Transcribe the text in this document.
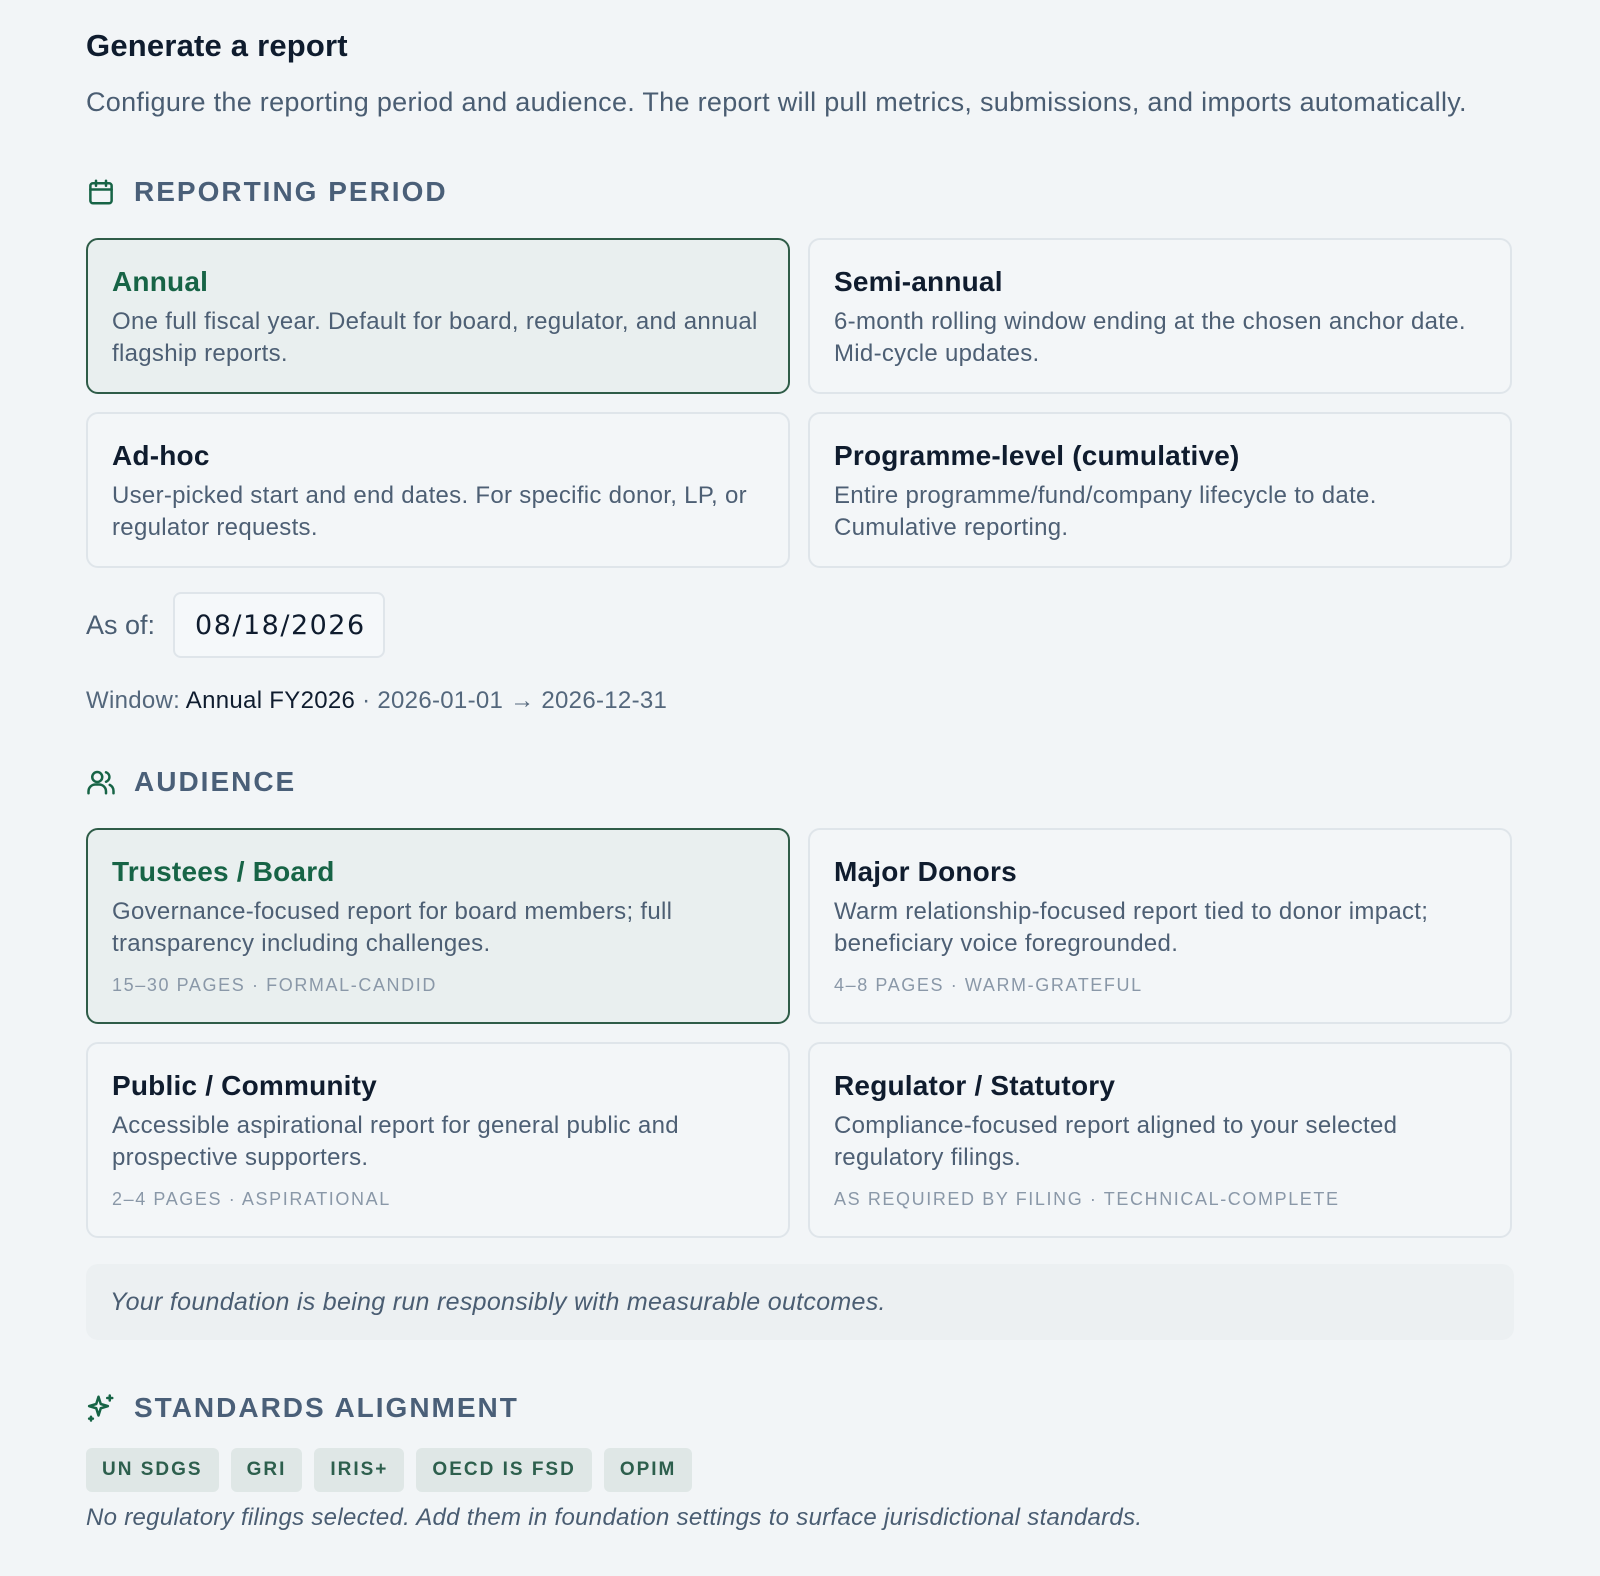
Generate a report

Configure the reporting period and audience. The report will pull metrics, submissions, and imports automatically.

REPORTING PERIOD
Annual
One full fiscal year. Default for board, regulator, and annual flagship reports.
Semi-annual
6-month rolling window ending at the chosen anchor date. Mid-cycle updates.
Ad-hoc
User-picked start and end dates. For specific donor, LP, or regulator requests.
Programme-level (cumulative)
Entire programme/fund/company lifecycle to date. Cumulative reporting.
As of:
08/18/2026
Window: Annual FY2026 · 2026-01-01 → 2026-12-31
AUDIENCE
Trustees / Board
Governance-focused report for board members; full transparency including challenges.
15–30 PAGES · FORMAL-CANDID
Major Donors
Warm relationship-focused report tied to donor impact; beneficiary voice foregrounded.
4–8 PAGES · WARM-GRATEFUL
Public / Community
Accessible aspirational report for general public and prospective supporters.
2–4 PAGES · ASPIRATIONAL
Regulator / Statutory
Compliance-focused report aligned to your selected regulatory filings.
AS REQUIRED BY FILING · TECHNICAL-COMPLETE
Your foundation is being run responsibly with measurable outcomes.
STANDARDS ALIGNMENT
UN SDGS	GRI	IRIS+	OECD IS FSD	OPIM

No regulatory filings selected. Add them in foundation settings to surface jurisdictional standards.
